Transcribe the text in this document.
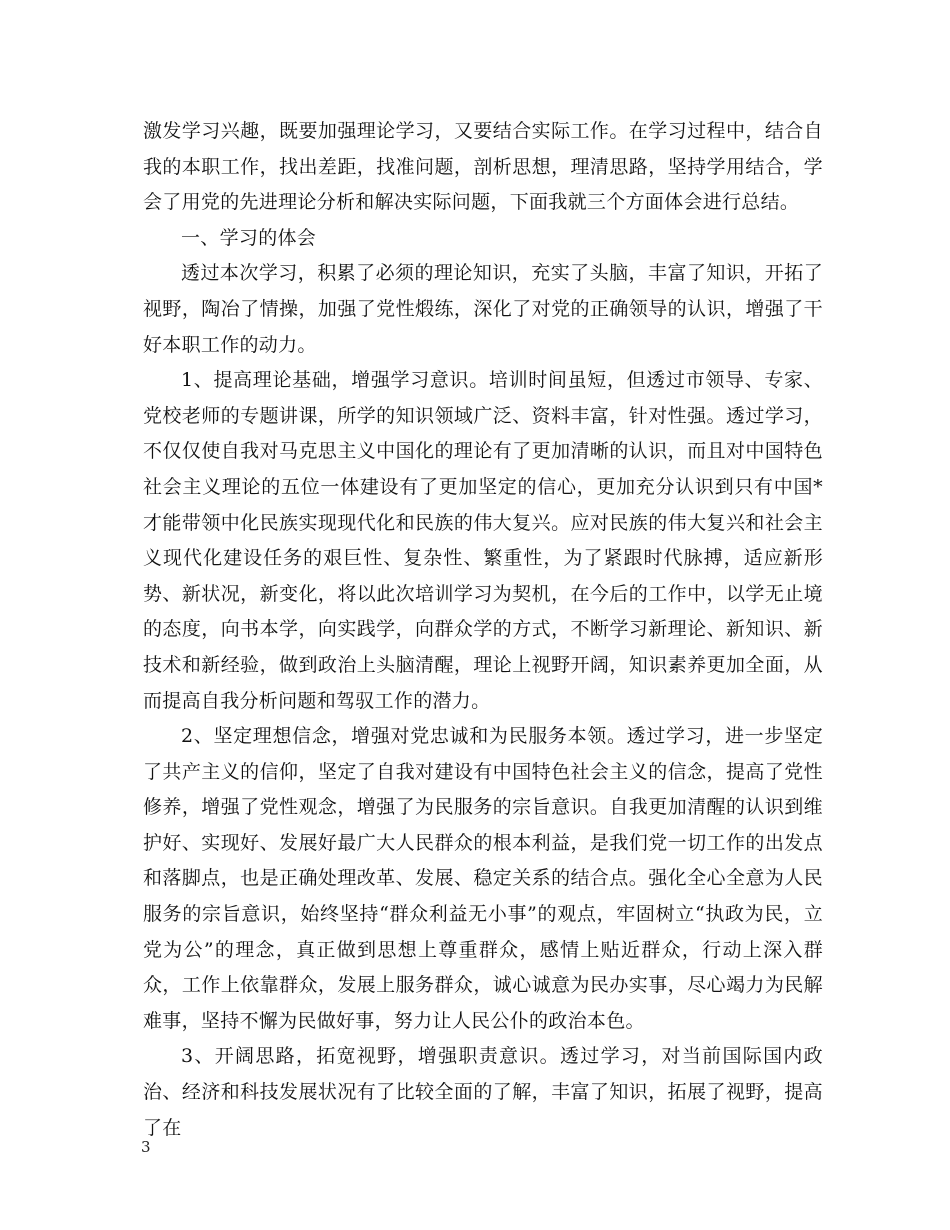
激发学习兴趣，既要加强理论学习，又要结合实际工作。在学习过程中，结合自我的本职工作，找出差距，找准问题，剖析思想，理清思路，坚持学用结合，学会了用党的先进理论分析和解决实际问题，下面我就三个方面体会进行总结。

一、学习的体会

透过本次学习，积累了必须的理论知识，充实了头脑，丰富了知识，开拓了视野，陶冶了情操，加强了党性煅练，深化了对党的正确领导的认识，增强了干好本职工作的动力。

1、提高理论基础，增强学习意识。培训时间虽短，但透过市领导、专家、党校老师的专题讲课，所学的知识领域广泛、资料丰富，针对性强。透过学习，不仅仅使自我对马克思主义中国化的理论有了更加清晰的认识，而且对中国特色社会主义理论的五位一体建设有了更加坚定的信心，更加充分认识到只有中国*才能带领中化民族实现现代化和民族的伟大复兴。应对民族的伟大复兴和社会主义现代化建设任务的艰巨性、复杂性、繁重性，为了紧跟时代脉搏，适应新形势、新状况，新变化，将以此次培训学习为契机，在今后的工作中，以学无止境的态度，向书本学，向实践学，向群众学的方式，不断学习新理论、新知识、新技术和新经验，做到政治上头脑清醒，理论上视野开阔，知识素养更加全面，从而提高自我分析问题和驾驭工作的潜力。

2、坚定理想信念，增强对党忠诚和为民服务本领。透过学习，进一步坚定了共产主义的信仰，坚定了自我对建设有中国特色社会主义的信念，提高了党性修养，增强了党性观念，增强了为民服务的宗旨意识。自我更加清醒的认识到维护好、实现好、发展好最广大人民群众的根本利益，是我们党一切工作的出发点和落脚点，也是正确处理改革、发展、稳定关系的结合点。强化全心全意为人民服务的宗旨意识，始终坚持“群众利益无小事”的观点，牢固树立“执政为民，立党为公”的理念，真正做到思想上尊重群众，感情上贴近群众，行动上深入群众，工作上依靠群众，发展上服务群众，诚心诚意为民办实事，尽心竭力为民解难事，坚持不懈为民做好事，努力让人民公仆的政治本色。

3、开阔思路，拓宽视野，增强职责意识。透过学习，对当前国际国内政治、经济和科技发展状况有了比较全面的了解，丰富了知识，拓展了视野，提高了在

3
